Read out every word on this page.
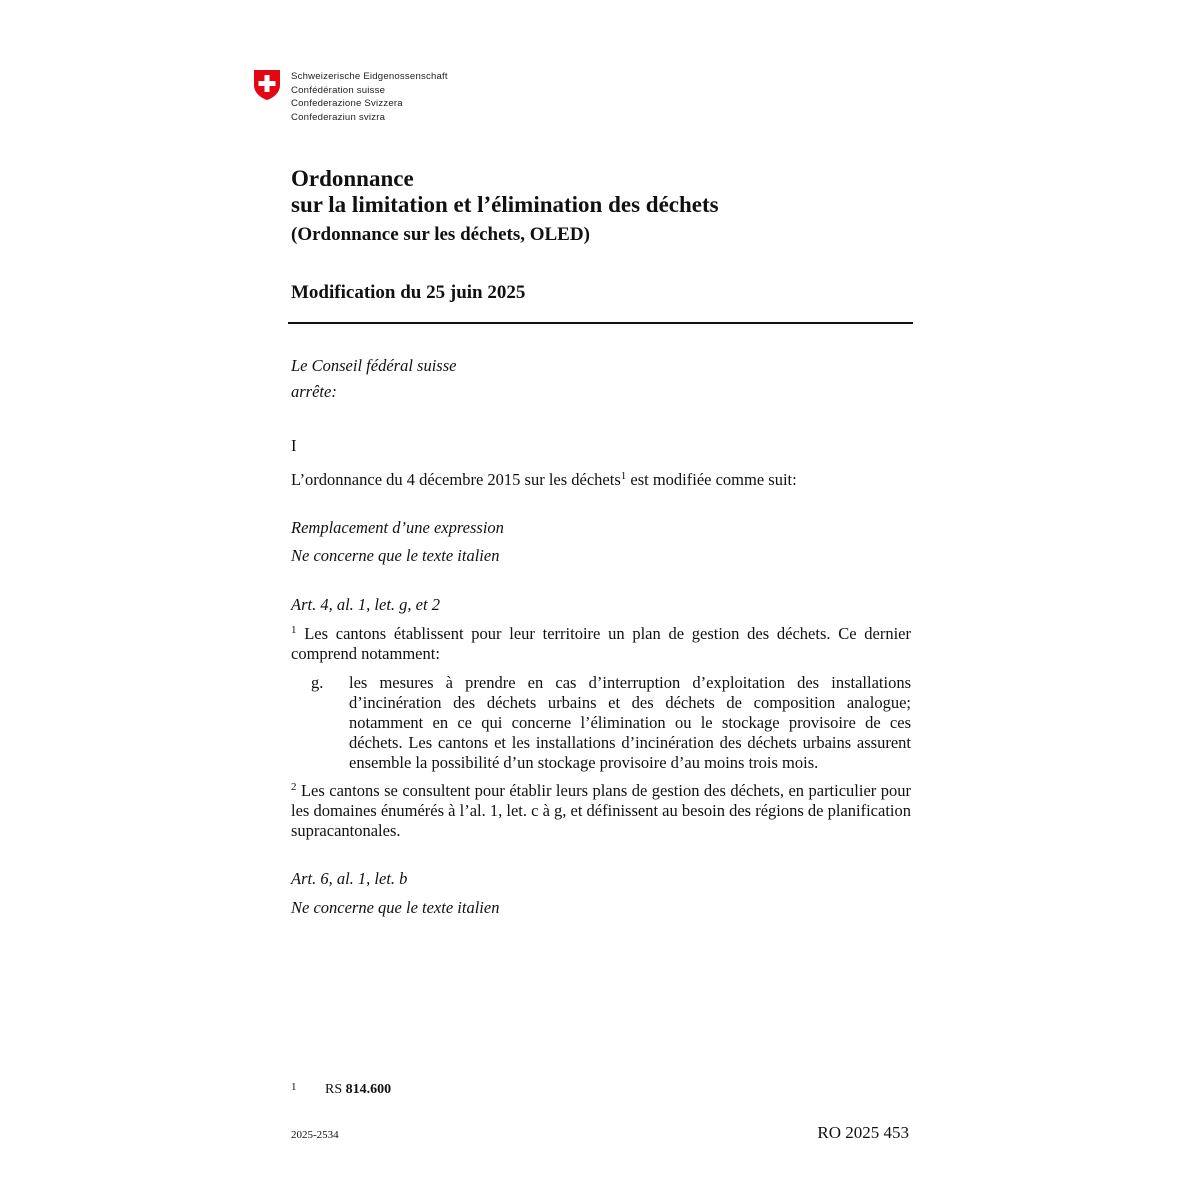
Schweizerische Eidgenossenschaft
Confédération suisse
Confederazione Svizzera
Confederaziun svizra
Ordonnance
sur la limitation et l’élimination des déchets
(Ordonnance sur les déchets, OLED)
Modification du 25 juin 2025
Le Conseil fédéral suisse
arrête:
I
L’ordonnance du 4 décembre 2015 sur les déchets$^1$ est modifiée comme suit:
Remplacement d’une expression
Ne concerne que le texte italien
Art. 4, al. 1, let. g, et 2
$^1$ Les cantons établissent pour leur territoire un plan de gestion des déchets. Ce dernier comprend notamment:
g.	les mesures à prendre en cas d’interruption d’exploitation des installations d’incinération des déchets urbains et des déchets de composition analogue; notamment en ce qui concerne l’élimination ou le stockage provisoire de ces déchets. Les cantons et les installations d’incinération des déchets urbains assurent ensemble la possibilité d’un stockage provisoire d’au moins trois mois.
$^2$ Les cantons se consultent pour établir leurs plans de gestion des déchets, en particulier pour les domaines énumérés à l’al. 1, let. c à g, et définissent au besoin des régions de planification supracantonales.
Art. 6, al. 1, let. b
Ne concerne que le texte italien
1 RS 814.600
2025-2534	RO 2025 453
